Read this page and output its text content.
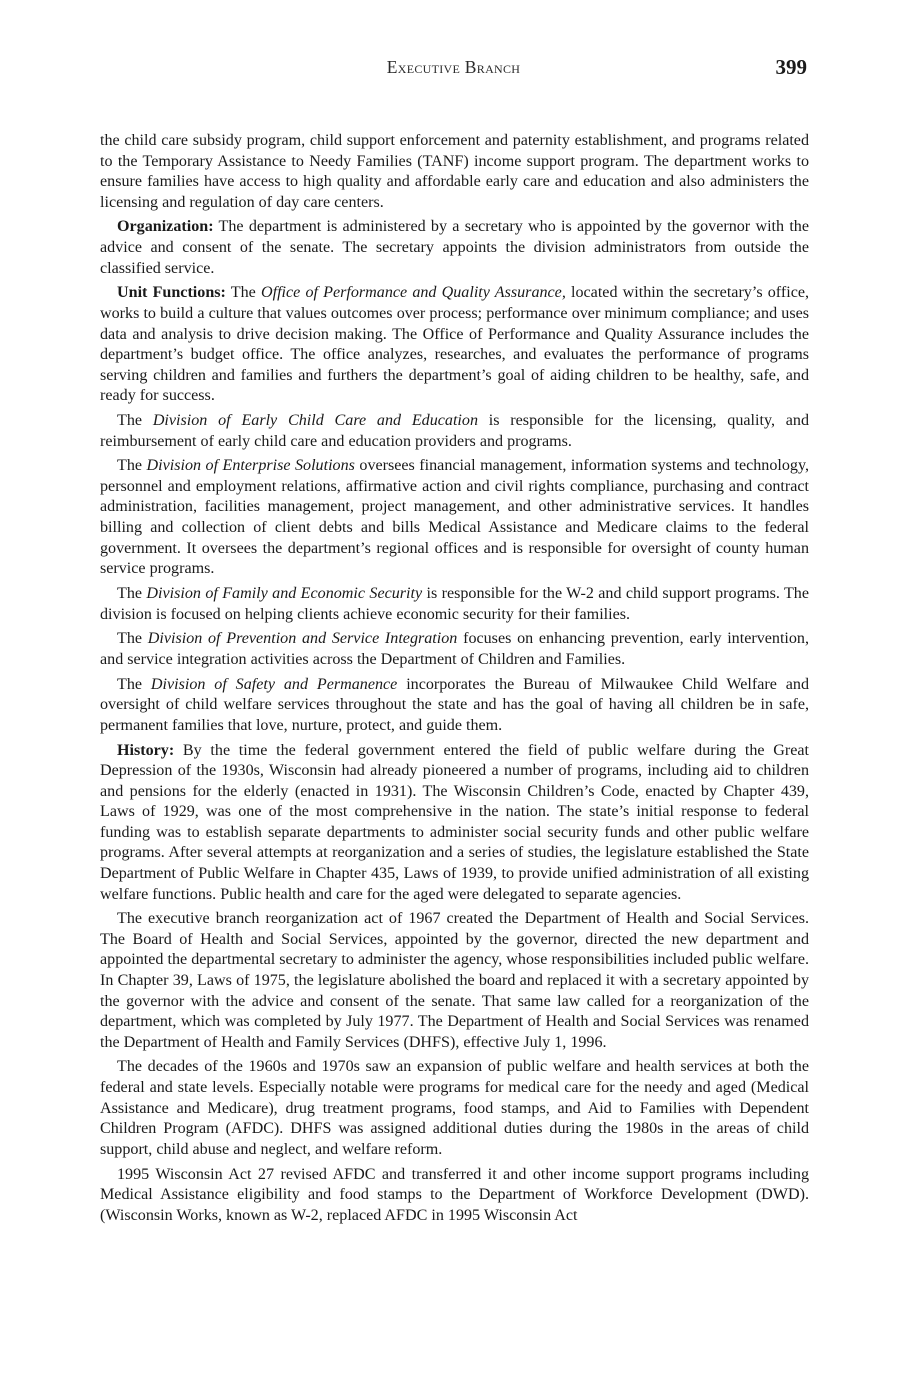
Executive Branch	399

the child care subsidy program, child support enforcement and paternity establishment, and programs related to the Temporary Assistance to Needy Families (TANF) income support program. The department works to ensure families have access to high quality and affordable early care and education and also administers the licensing and regulation of day care centers.

Organization: The department is administered by a secretary who is appointed by the governor with the advice and consent of the senate. The secretary appoints the division administrators from outside the classified service.

Unit Functions: The Office of Performance and Quality Assurance, located within the secretary’s office, works to build a culture that values outcomes over process; performance over minimum compliance; and uses data and analysis to drive decision making. The Office of Performance and Quality Assurance includes the department’s budget office. The office analyzes, researches, and evaluates the performance of programs serving children and families and furthers the department’s goal of aiding children to be healthy, safe, and ready for success.

The Division of Early Child Care and Education is responsible for the licensing, quality, and reimbursement of early child care and education providers and programs.

The Division of Enterprise Solutions oversees financial management, information systems and technology, personnel and employment relations, affirmative action and civil rights compliance, purchasing and contract administration, facilities management, project management, and other administrative services. It handles billing and collection of client debts and bills Medical Assistance and Medicare claims to the federal government. It oversees the department’s regional offices and is responsible for oversight of county human service programs.

The Division of Family and Economic Security is responsible for the W-2 and child support programs. The division is focused on helping clients achieve economic security for their families.

The Division of Prevention and Service Integration focuses on enhancing prevention, early intervention, and service integration activities across the Department of Children and Families.

The Division of Safety and Permanence incorporates the Bureau of Milwaukee Child Welfare and oversight of child welfare services throughout the state and has the goal of having all children be in safe, permanent families that love, nurture, protect, and guide them.

History: By the time the federal government entered the field of public welfare during the Great Depression of the 1930s, Wisconsin had already pioneered a number of programs, including aid to children and pensions for the elderly (enacted in 1931). The Wisconsin Children’s Code, enacted by Chapter 439, Laws of 1929, was one of the most comprehensive in the nation. The state’s initial response to federal funding was to establish separate departments to administer social security funds and other public welfare programs. After several attempts at reorganization and a series of studies, the legislature established the State Department of Public Welfare in Chapter 435, Laws of 1939, to provide unified administration of all existing welfare functions. Public health and care for the aged were delegated to separate agencies.

The executive branch reorganization act of 1967 created the Department of Health and Social Services. The Board of Health and Social Services, appointed by the governor, directed the new department and appointed the departmental secretary to administer the agency, whose responsibilities included public welfare. In Chapter 39, Laws of 1975, the legislature abolished the board and replaced it with a secretary appointed by the governor with the advice and consent of the senate. That same law called for a reorganization of the department, which was completed by July 1977. The Department of Health and Social Services was renamed the Department of Health and Family Services (DHFS), effective July 1, 1996.

The decades of the 1960s and 1970s saw an expansion of public welfare and health services at both the federal and state levels. Especially notable were programs for medical care for the needy and aged (Medical Assistance and Medicare), drug treatment programs, food stamps, and Aid to Families with Dependent Children Program (AFDC). DHFS was assigned additional duties during the 1980s in the areas of child support, child abuse and neglect, and welfare reform.

1995 Wisconsin Act 27 revised AFDC and transferred it and other income support programs including Medical Assistance eligibility and food stamps to the Department of Workforce Development (DWD). (Wisconsin Works, known as W-2, replaced AFDC in 1995 Wisconsin Act
